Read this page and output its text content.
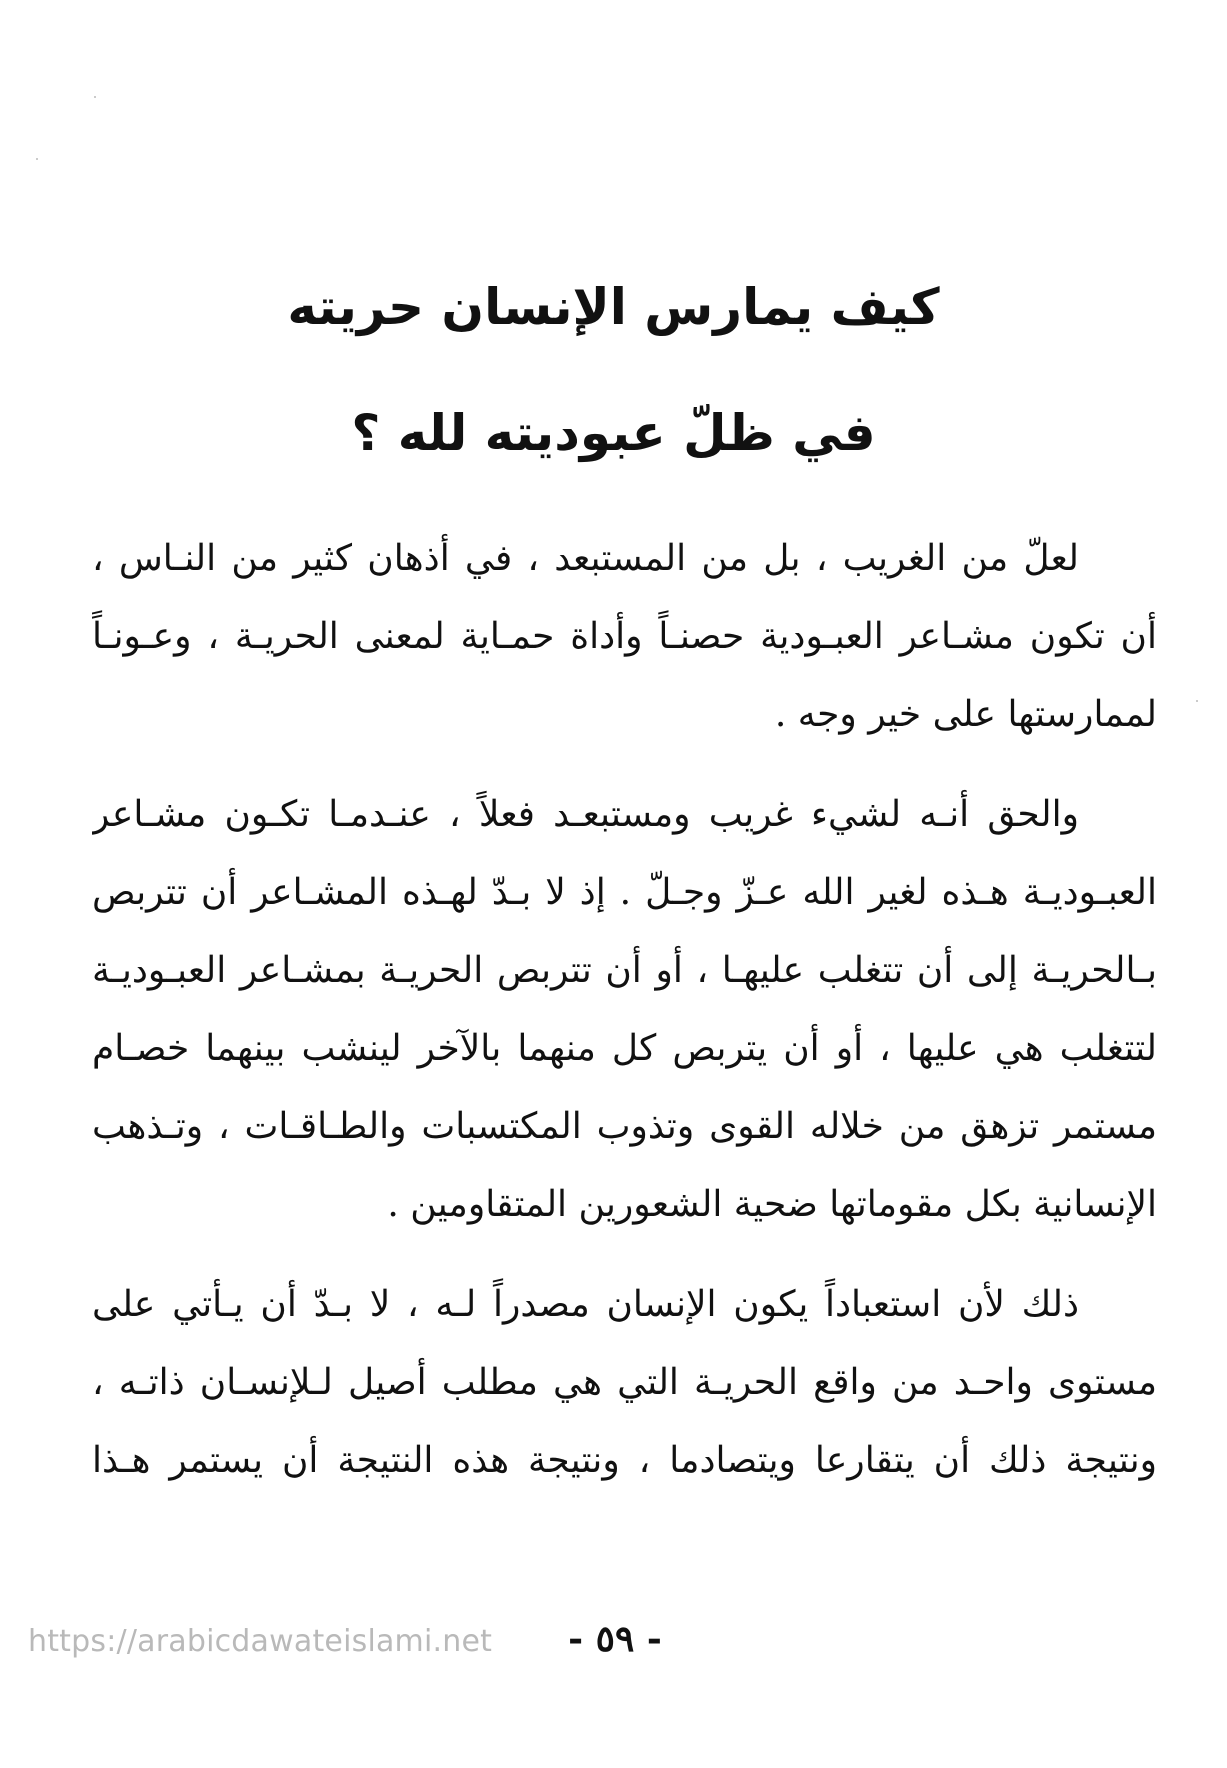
كيف يمارس الإنسان حريته
في ظلّ عبوديته لله ؟
لعلّ من الغريب ، بل من المستبعد ، في أذهان كثير من النـاس ،
أن تكون مشـاعر العبـودية حصنـاً وأداة حمـاية لمعنى الحريـة ، وعـونـاً
لممارستها على خير وجه .
والحق أنـه لشيء غريب ومستبعـد فعلاً ، عنـدمـا تكـون مشـاعر
العبـوديـة هـذه لغير الله عـزّ وجـلّ . إذ لا بـدّ لهـذه المشـاعر أن تتربص
بـالحريـة إلى أن تتغلب عليهـا ، أو أن تتربص الحريـة بمشـاعر العبـوديـة
لتتغلب هي عليها ، أو أن يتربص كل منهما بالآخر لينشب بينهما خصـام
مستمر تزهق من خلاله القوى وتذوب المكتسبات والطـاقـات ، وتـذهب
الإنسانية بكل مقوماتها ضحية الشعورين المتقاومين .
ذلك لأن استعباداً يكون الإنسان مصدراً لـه ، لا بـدّ أن يـأتي على
مستوى واحـد من واقع الحريـة التي هي مطلب أصيل لـلإنسـان ذاتـه ،
ونتيجة ذلك أن يتقارعا ويتصادما ، ونتيجة هذه النتيجة أن يستمر هـذا
- ٥٩ -
https://arabicdawateislami.net
